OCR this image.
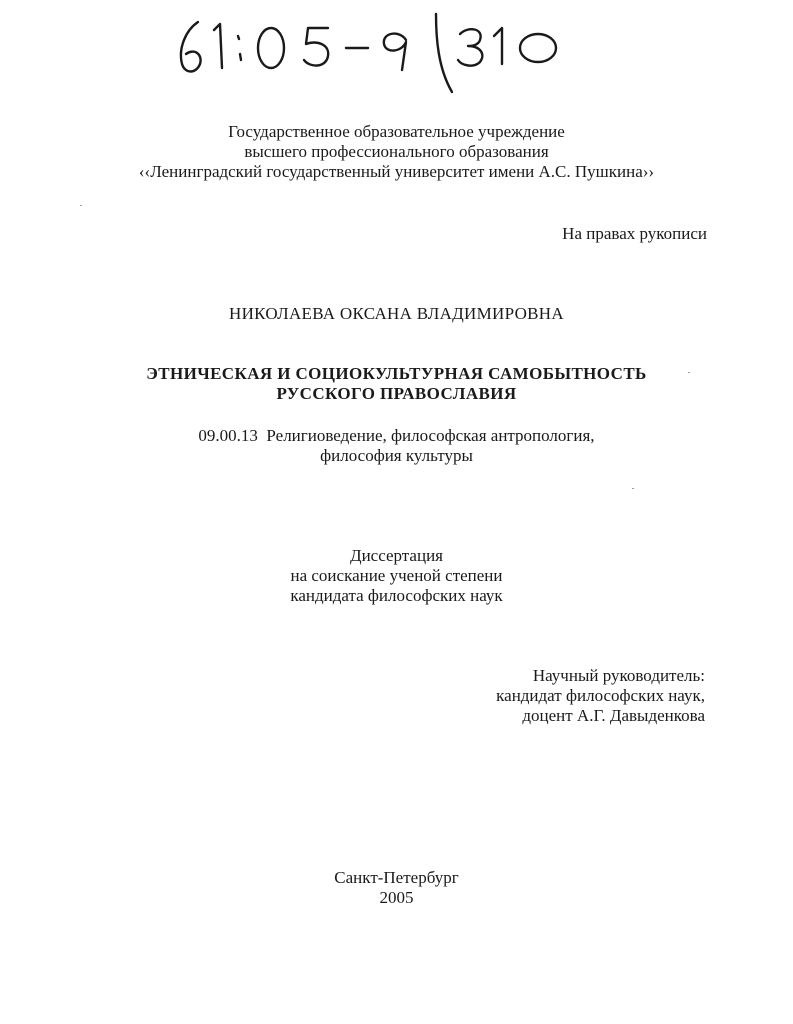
Государственное образовательное учреждение
высшего профессионального образования
‹‹Ленинградский государственный университет имени А.С. Пушкина››
На правах рукописи
НИКОЛАЕВА ОКСАНА ВЛАДИМИРОВНА
ЭТНИЧЕСКАЯ И СОЦИОКУЛЬТУРНАЯ САМОБЫТНОСТЬ
РУССКОГО ПРАВОСЛАВИЯ
09.00.13  Религиоведение, философская антропология,
философия культуры
Диссертация
на соискание ученой степени
кандидата философских наук
Научный руководитель:
кандидат философских наук,
доцент А.Г. Давыденкова
Санкт-Петербург
2005
